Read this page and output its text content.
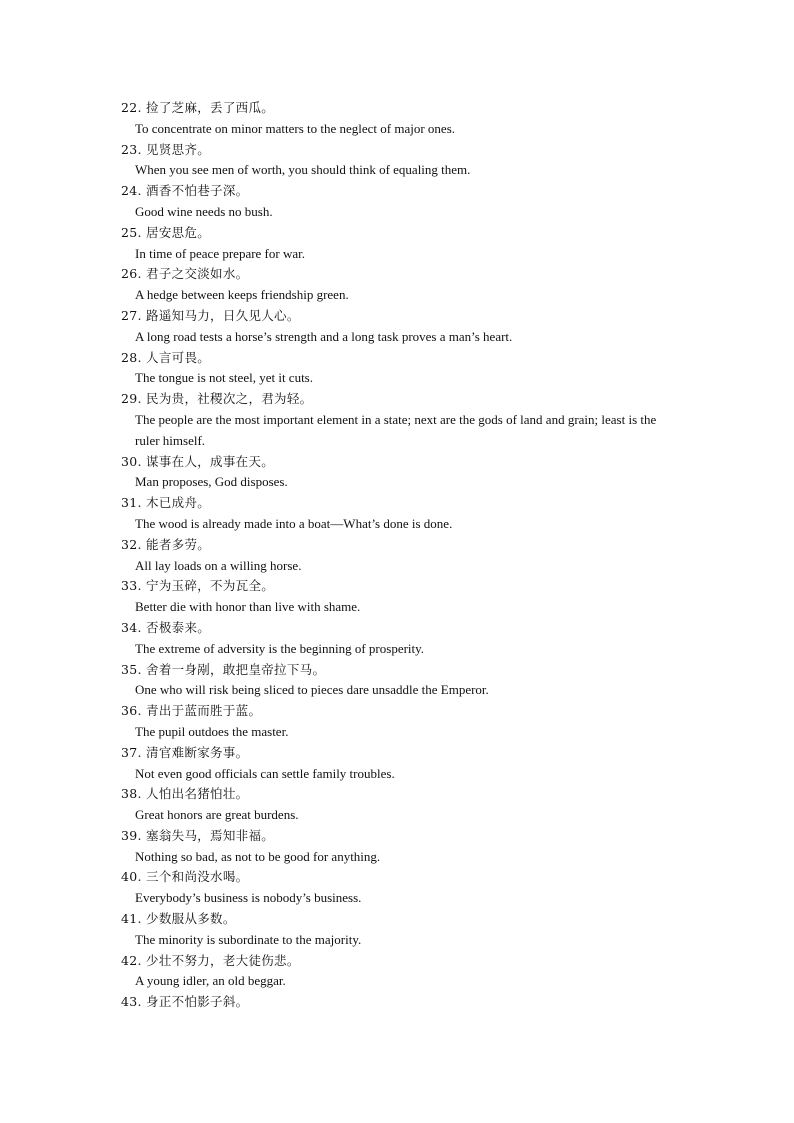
22. 捡了芝麻，丢了西瓜。
To concentrate on minor matters to the neglect of major ones.
23. 见贤思齐。
When you see men of worth, you should think of equaling them.
24. 酒香不怕巷子深。
Good wine needs no bush.
25. 居安思危。
In time of peace prepare for war.
26. 君子之交淡如水。
A hedge between keeps friendship green.
27. 路遥知马力，日久见人心。
A long road tests a horse’s strength and a long task proves a man’s heart.
28. 人言可畏。
The tongue is not steel, yet it cuts.
29. 民为贵，社稷次之，君为轻。
The people are the most important element in a state; next are the gods of land and grain; least is the ruler himself.
30. 谋事在人，成事在天。
Man proposes, God disposes.
31. 木已成舟。
The wood is already made into a boat—What’s done is done.
32. 能者多劳。
All lay loads on a willing horse.
33. 宁为玉碎，不为瓦全。
Better die with honor than live with shame.
34. 否极泰来。
The extreme of adversity is the beginning of prosperity.
35. 舍着一身剐，敢把皇帝拉下马。
One who will risk being sliced to pieces dare unsaddle the Emperor.
36. 青出于蓝而胜于蓝。
The pupil outdoes the master.
37. 清官难断家务事。
Not even good officials can settle family troubles.
38. 人怕出名猪怕壮。
Great honors are great burdens.
39. 塞翁失马，焉知非福。
Nothing so bad, as not to be good for anything.
40. 三个和尚没水喝。
Everybody’s business is nobody’s business.
41. 少数服从多数。
The minority is subordinate to the majority.
42. 少壮不努力，老大徒伤悲。
A young idler, an old beggar.
43. 身正不怕影子斜。
